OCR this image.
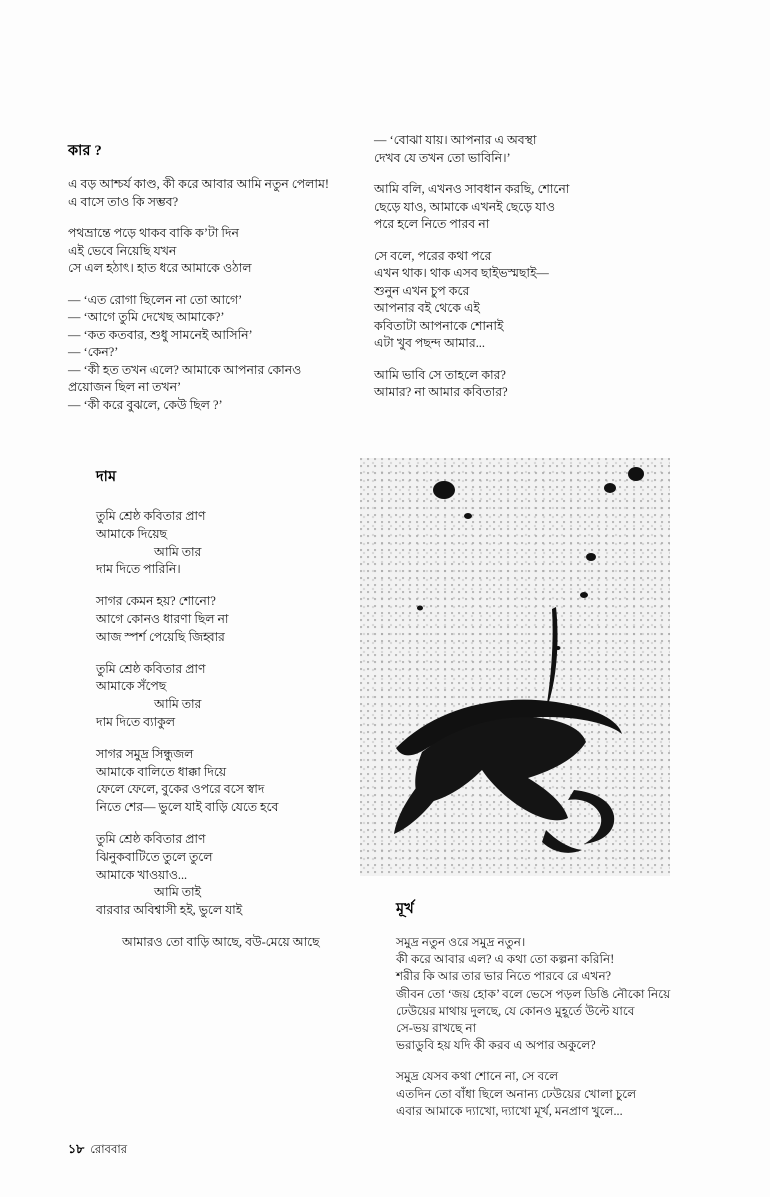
কার ?
এ বড় আশ্চর্য কাণ্ড, কী করে আবার আমি নতুন পেলাম!
এ বাসে তাও কি সম্ভব?
পথভ্রান্তে পড়ে থাকব বাকি ক’টা দিন
এই ভেবে নিয়েছি যখন
সে এল হঠাৎ। হাত ধরে আমাকে ওঠাল
— ‘এত রোগা ছিলেন না তো আগে’
— ‘আগে তুমি দেখেছ আমাকে?’
— ‘কত কতবার, শুধু সামনেই আসিনি’
— ‘কেন?’
— ‘কী হত তখন এলে? আমাকে আপনার কোনও
প্রয়োজন ছিল না তখন’
— ‘কী করে বুঝলে, কেউ ছিল ?’
— ‘বোঝা যায়। আপনার এ অবস্থা
দেখব যে তখন তো ভাবিনি।’
আমি বলি, এখনও সাবধান করছি, শোনো
ছেড়ে যাও, আমাকে এখনই ছেড়ে যাও
পরে হলে নিতে পারব না
সে বলে, পরের কথা পরে
এখন থাক। থাক এসব ছাইভস্মছাই—
শুনুন এখন চুপ করে
আপনার বই থেকে এই
কবিতাটা আপনাকে শোনাই
এটা খুব পছন্দ আমার...
আমি ভাবি সে তাহলে কার?
আমার? না আমার কবিতার?
দাম
তুমি শ্রেষ্ঠ কবিতার প্রাণ
আমাকে দিয়েছ
আমি তার
দাম দিতে পারিনি।
সাগর কেমন হয়? শোনো?
আগে কোনও ধারণা ছিল না
আজ স্পর্শ পেয়েছি জিহ্বার
তুমি শ্রেষ্ঠ কবিতার প্রাণ
আমাকে সঁপেছ
আমি তার
দাম দিতে ব্যাকুল
সাগর সমুদ্র সিন্ধুজল
আমাকে বালিতে ধাক্কা দিয়ে
ফেলে ফেলে, বুকের ওপরে বসে স্বাদ
নিতে শের— ভুলে যাই বাড়ি যেতে হবে
তুমি শ্রেষ্ঠ কবিতার প্রাণ
ঝিনুকবাটিতে তুলে তুলে
আমাকে খাওয়াও...
আমি তাই
বারবার অবিশ্বাসী হই, ভুলে যাই
আমারও তো বাড়ি আছে, বউ-মেয়ে আছে
মূর্খ
সমুদ্র নতুন ওরে সমুদ্র নতুন।
কী করে আবার এল? এ কথা তো কল্পনা করিনি!
শরীর কি আর তার ভার নিতে পারবে রে এখন?
জীবন তো ‘জয় হোক’ বলে ভেসে পড়ল ডিঙি নৌকো নিয়ে
ঢেউয়ের মাথায় দুলছে, যে কোনও মুহূর্তে উল্টে যাবে
সে-ভয় রাখছে না
ভরাডুবি হয় যদি কী করব এ অপার অকুলে?
সমুদ্র যেসব কথা শোনে না, সে বলে
এতদিন তো বাঁধা ছিলে অনান্য ঢেউয়ের খোলা চুলে
এবার আমাকে দ্যাখো, দ্যাখো মূর্খ, মনপ্রাণ খুলে...
১৮ রোববার
